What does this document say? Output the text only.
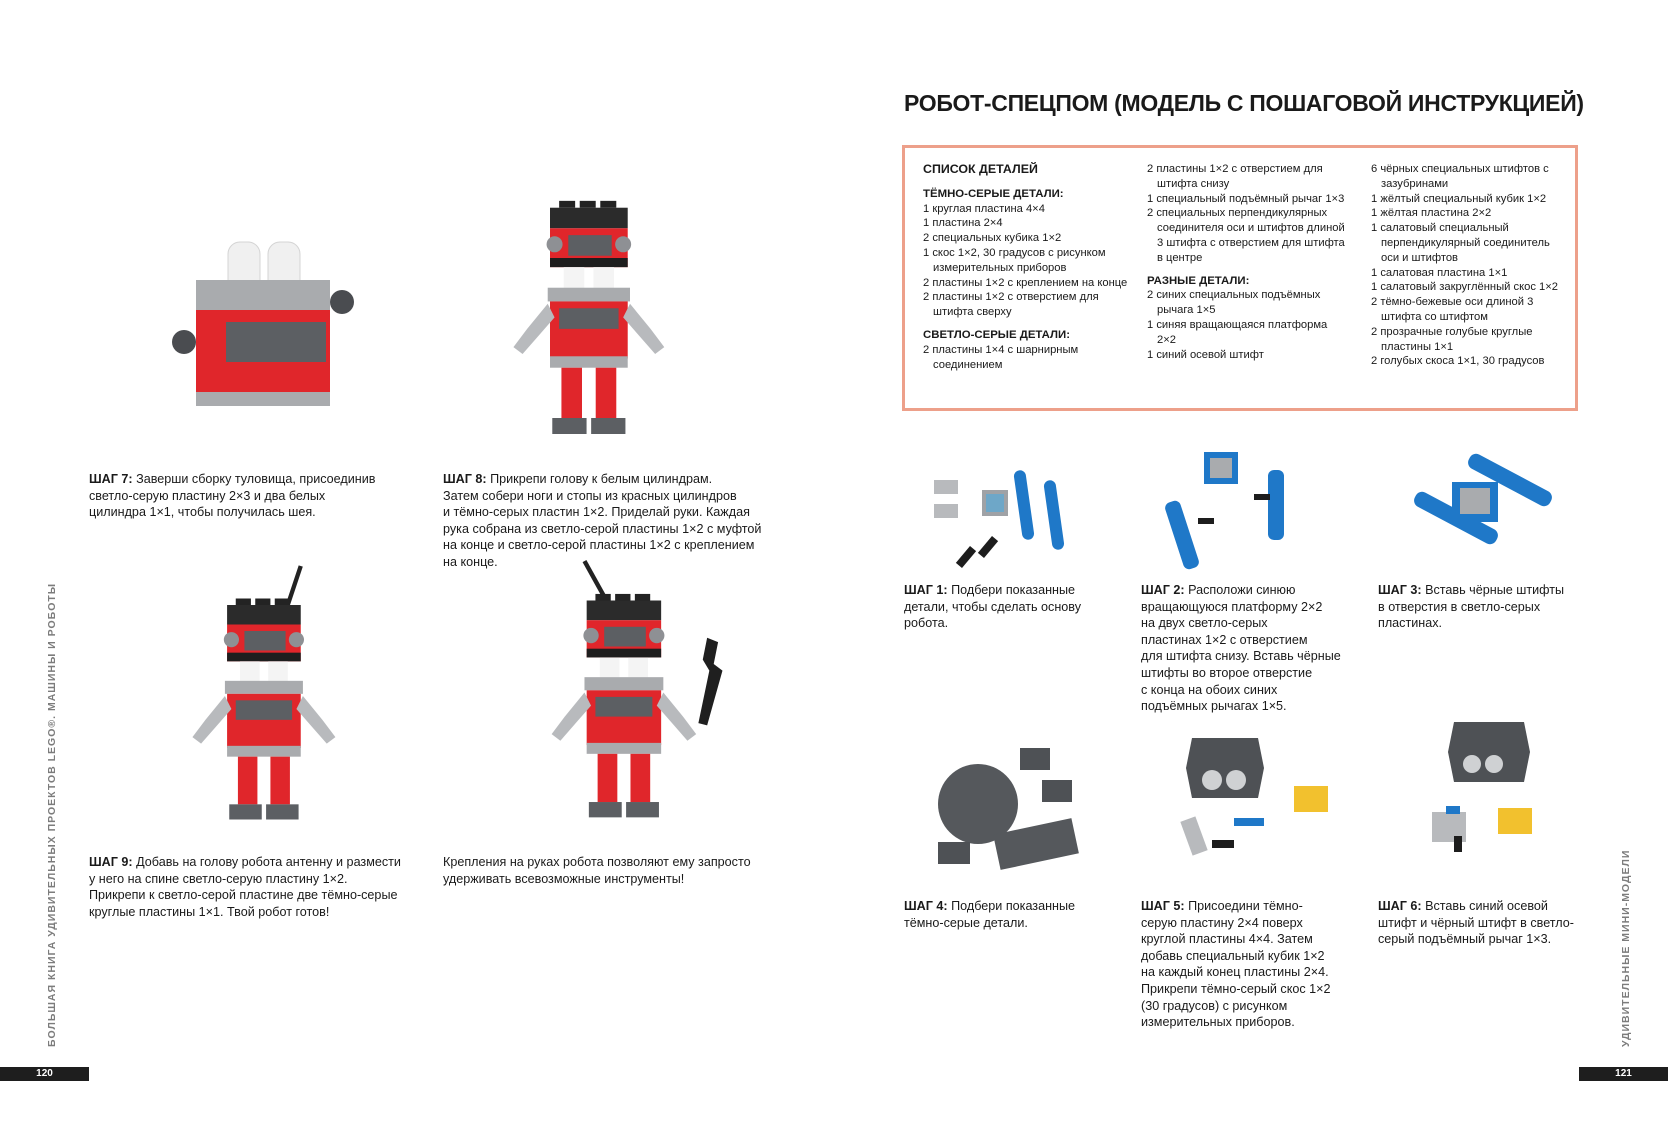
ШАГ 7: Заверши сборку туловища, присоединив
светло-серую пластину 2×3 и два белых
цилиндра 1×1, чтобы получилась шея.
ШАГ 8: Прикрепи голову к белым цилиндрам.
Затем собери ноги и стопы из красных цилиндров
и тёмно-серых пластин 1×2. Приделай руки. Каждая
рука собрана из светло-серой пластины 1×2 с муфтой
на конце и светло-серой пластины 1×2 с креплением
на конце.
ШАГ 9: Добавь на голову робота антенну и размести
у него на спине светло-серую пластину 1×2.
Прикрепи к светло-серой пластине две тёмно-серые
круглые пластины 1×1. Твой робот готов!
Крепления на руках робота позволяют ему запросто
удерживать всевозможные инструменты!
БОЛЬШАЯ КНИГА УДИВИТЕЛЬНЫХ ПРОЕКТОВ LEGO®. МАШИНЫ И РОБОТЫ
120
РОБОТ-СПЕЦПОМ (МОДЕЛЬ С ПОШАГОВОЙ ИНСТРУКЦИЕЙ)
СПИСОК ДЕТАЛЕЙ
ТЁМНО-СЕРЫЕ ДЕТАЛИ:
1 круглая пластина 4×4
1 пластина 2×4
2 специальных кубика 1×2
1 скос 1×2, 30 градусов с рисунком измерительных приборов
2 пластины 1×2 с креплением на конце
2 пластины 1×2 с отверстием для штифта сверху
СВЕТЛО-СЕРЫЕ ДЕТАЛИ:
2 пластины 1×4 с шарнирным соединением
2 пластины 1×2 с отверстием для штифта снизу
1 специальный подъёмный рычаг 1×3
2 специальных перпендикулярных соединителя оси и штифтов длиной 3 штифта с отверстием для штифта в центре
РАЗНЫЕ ДЕТАЛИ:
2 синих специальных подъёмных рычага 1×5
1 синяя вращающаяся платформа 2×2
1 синий осевой штифт
6 чёрных специальных штифтов с зазубринами
1 жёлтый специальный кубик 1×2
1 жёлтая пластина 2×2
1 салатовый специальный перпендикулярный соединитель оси и штифтов
1 салатовая пластина 1×1
1 салатовый закруглённый скос 1×2
2 тёмно-бежевые оси длиной 3 штифта со штифтом
2 прозрачные голубые круглые пластины 1×1
2 голубых скоса 1×1, 30 градусов
ШАГ 1: Подбери показанные
детали, чтобы сделать основу
робота.
ШАГ 2: Расположи синюю
вращающуюся платформу 2×2
на двух светло-серых
пластинах 1×2 с отверстием
для штифта снизу. Вставь чёрные
штифты во второе отверстие
с конца на обоих синих
подъёмных рычагах 1×5.
ШАГ 3: Вставь чёрные штифты
в отверстия в светло-серых
пластинах.
ШАГ 4: Подбери показанные
тёмно-серые детали.
ШАГ 5: Присоедини тёмно-
серую пластину 2×4 поверх
круглой пластины 4×4. Затем
добавь специальный кубик 1×2
на каждый конец пластины 2×4.
Прикрепи тёмно-серый скос 1×2
(30 градусов) с рисунком
измерительных приборов.
ШАГ 6: Вставь синий осевой
штифт и чёрный штифт в светло-
серый подъёмный рычаг 1×3.	УДИВИТЕЛЬНЫЕ МИНИ-МОДЕЛИ
121
